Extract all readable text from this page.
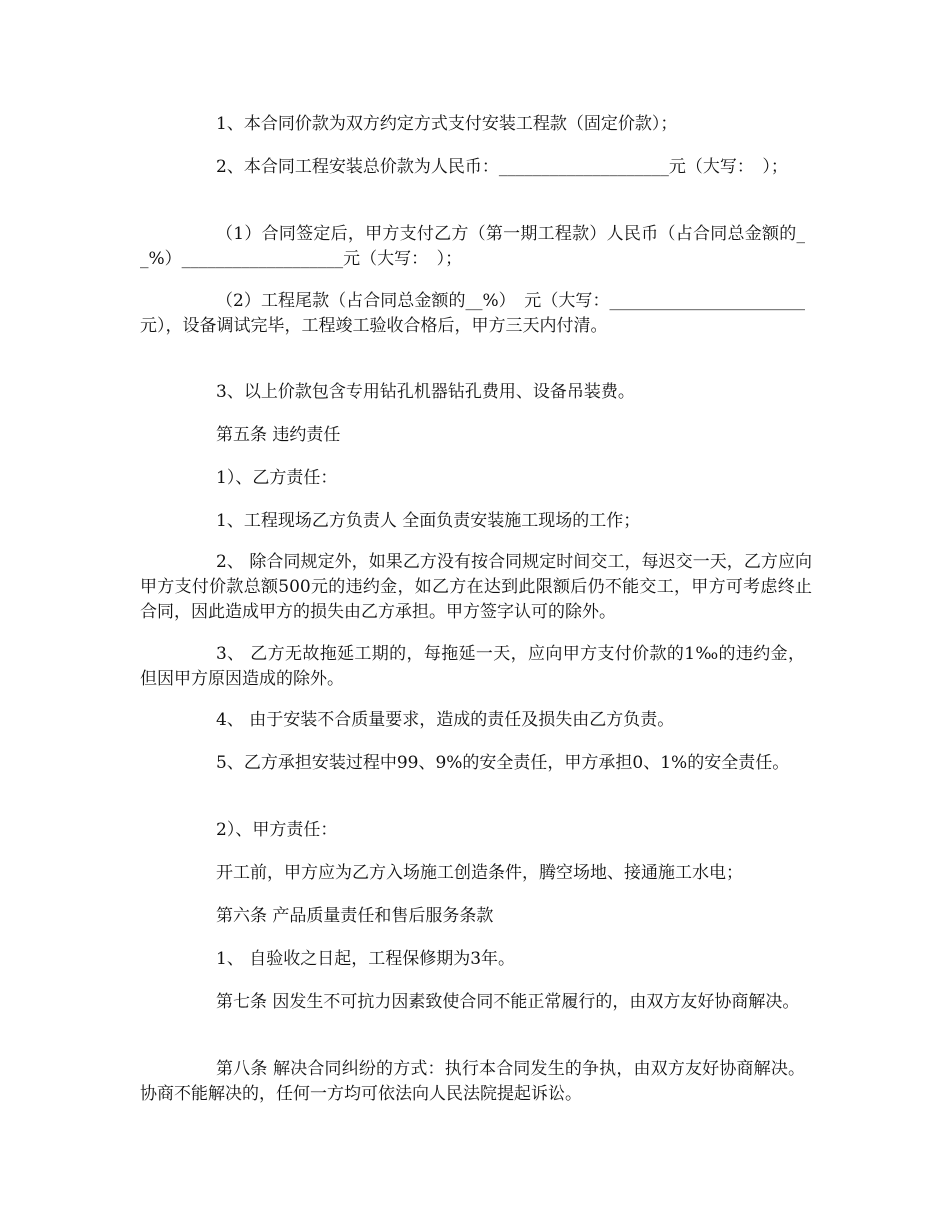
1、本合同价款为双方约定方式支付安装工程款（固定价款）；

2、本合同工程安装总价款为人民币：____________________元（大写：　）；

（1）合同签定后，甲方支付乙方（第一期工程款）人民币（占合同总金额的__%）___________________元（大写：　）；

（2）工程尾款（占合同总金额的__%）　元（大写：_______________________元），设备调试完毕，工程竣工验收合格后，甲方三天内付清。

3、以上价款包含专用钻孔机器钻孔费用、设备吊装费。

第五条 违约责任

1）、乙方责任：

1、工程现场乙方负责人 全面负责安装施工现场的工作；

2、 除合同规定外，如果乙方没有按合同规定时间交工，每迟交一天，乙方应向甲方支付价款总额500元的违约金，如乙方在达到此限额后仍不能交工，甲方可考虑终止合同，因此造成甲方的损失由乙方承担。甲方签字认可的除外。

3、 乙方无故拖延工期的，每拖延一天，应向甲方支付价款的1‰的违约金，但因甲方原因造成的除外。

4、 由于安装不合质量要求，造成的责任及损失由乙方负责。

5、乙方承担安装过程中99、9%的安全责任，甲方承担0、1%的安全责任。

2）、甲方责任：

开工前，甲方应为乙方入场施工创造条件，腾空场地、接通施工水电；

第六条 产品质量责任和售后服务条款

1、 自验收之日起，工程保修期为3年。

第七条 因发生不可抗力因素致使合同不能正常履行的，由双方友好协商解决。

第八条 解决合同纠纷的方式：执行本合同发生的争执，由双方友好协商解决。协商不能解决的，任何一方均可依法向人民法院提起诉讼。
